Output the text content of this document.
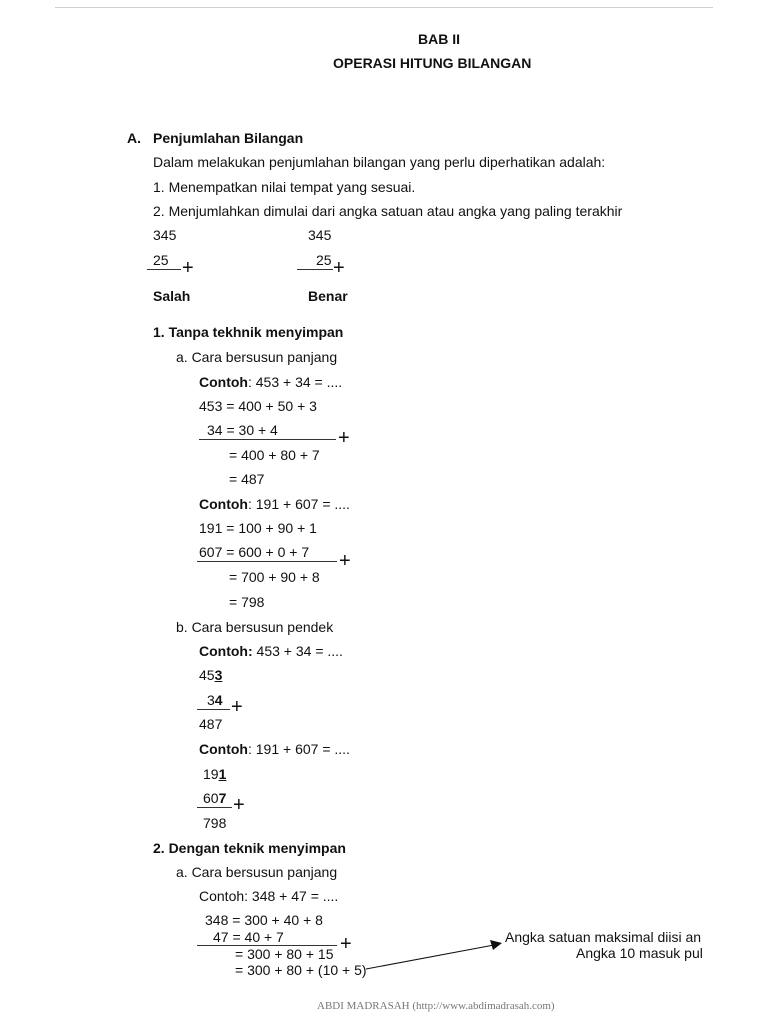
BAB II
OPERASI HITUNG BILANGAN
A. Penjumlahan Bilangan
Dalam melakukan penjumlahan bilangan yang perlu diperhatikan adalah:
1. Menempatkan nilai tempat yang sesuai.
2. Menjumlahkan dimulai dari angka satuan atau angka yang paling terakhir
345
25 +
Salah
345
25 +
Benar
1. Tanpa tekhnik menyimpan
a. Cara bersusun panjang
Contoh: 453 + 34 = ....
453 = 400 + 50 + 3
34 = 30 + 4	+
= 400 + 80 + 7
= 487
Contoh: 191 + 607 = ....
191 = 100 + 90 + 1
607 = 600 + 0 + 7 +
= 700 + 90 + 8
= 798
b. Cara bersusun pendek
Contoh: 453 + 34 = ....
453
34 +
487
Contoh: 191 + 607 = ....
191
607 +
798
2. Dengan teknik menyimpan
a. Cara bersusun panjang
Contoh: 348 + 47 = ....
348 = 300 + 40 + 8
47 = 40 + 7	+
= 300 + 80 + 15
= 300 + 80 + (10 + 5)
Angka satuan maksimal diisi an
Angka 10 masuk pul
ABDI MADRASAH (http://www.abdimadrasah.com)
